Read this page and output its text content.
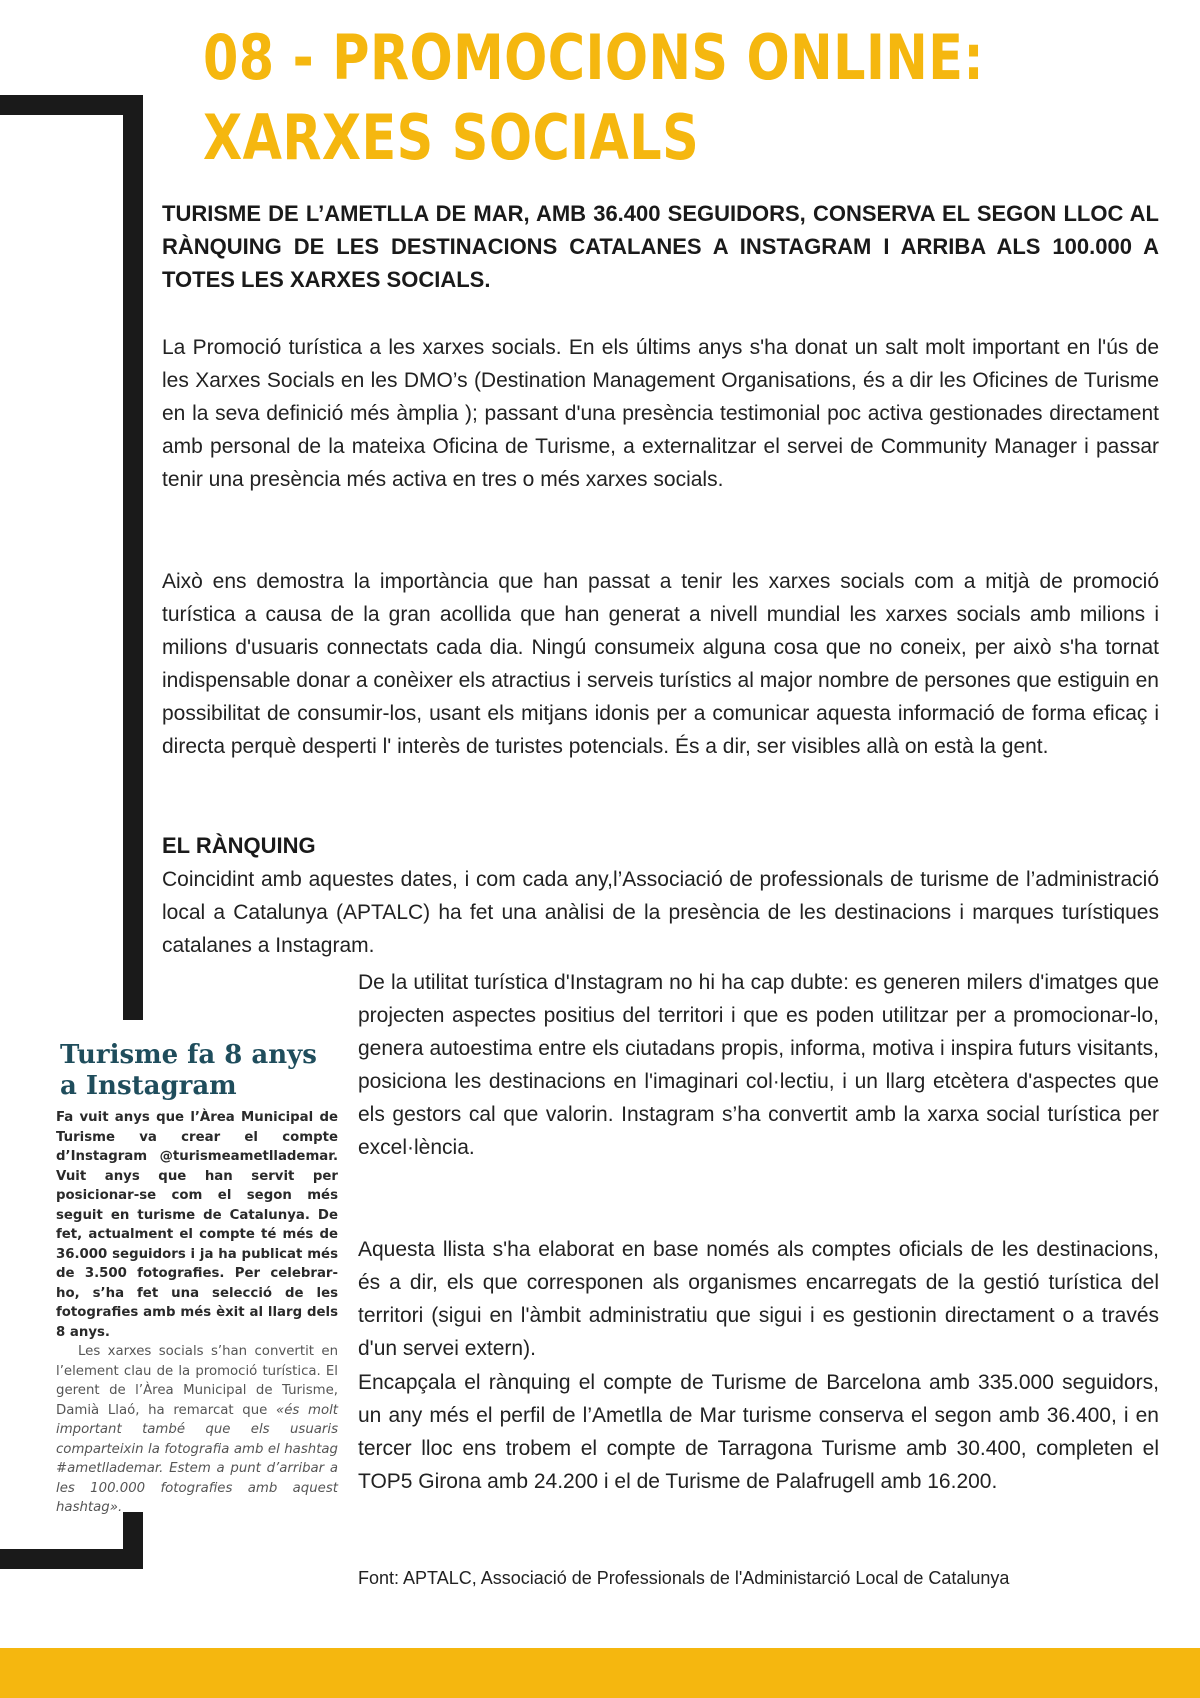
08 - PROMOCIONS ONLINE:
XARXES SOCIALS

TURISME DE L’AMETLLA DE MAR, AMB 36.400 SEGUIDORS, CONSERVA EL SEGON LLOC AL RÀNQUING DE LES DESTINACIONS CATALANES A INSTAGRAM I ARRIBA ALS 100.000 A TOTES LES XARXES SOCIALS.

La Promoció turística a les xarxes socials. En els últims anys s'ha donat un salt molt important en l'ús de les Xarxes Socials en les DMO’s (Destination Management Organisations, és a dir les Oficines de Turisme en la seva definició més àmplia ); passant d'una presència testimonial poc activa gestionades directament amb personal de la mateixa Oficina de Turisme, a externalitzar el servei de Community Manager i passar tenir una presència més activa en tres o més xarxes socials.

Això ens demostra la importància que han passat a tenir les xarxes socials com a mitjà de promoció turística a causa de la gran acollida que han generat a nivell mundial les xarxes socials amb milions i milions d'usuaris connectats cada dia. Ningú consumeix alguna cosa que no coneix, per això s'ha tornat indispensable donar a conèixer els atractius i serveis turístics al major nombre de persones que estiguin en possibilitat de consumir-los, usant els mitjans idonis per a comunicar aquesta informació de forma eficaç i directa perquè desperti l' interès de turistes potencials. És a dir, ser visibles allà on està la gent.

EL RÀNQUING

Coincidint amb aquestes dates, i com cada any,l’Associació de professionals de turisme de l’administració local a Catalunya (APTALC) ha fet una anàlisi de la presència de les destinacions i marques turístiques catalanes a Instagram.

De la utilitat turística d'Instagram no hi ha cap dubte: es generen milers d'imatges que projecten aspectes positius del territori i que es poden utilitzar per a promocionar-lo, genera autoestima entre els ciutadans propis, informa, motiva i inspira futurs visitants, posiciona les destinacions en l'imaginari col·lectiu, i un llarg etcètera d'aspectes que els gestors cal que valorin. Instagram s’ha convertit amb la xarxa social turística per excel·lència.

Aquesta llista s'ha elaborat en base només als comptes oficials de les destinacions, és a dir, els que corresponen als organismes encarregats de la gestió turística del territori (sigui en l'àmbit administratiu que sigui i es gestionin directament o a través d'un servei extern).

Encapçala el rànquing el compte de Turisme de Barcelona amb 335.000 seguidors, un any més el perfil de l’Ametlla de Mar turisme conserva el segon amb 36.400, i en tercer lloc ens trobem el compte de Tarragona Turisme amb 30.400, completen el TOP5 Girona amb 24.200 i el de Turisme de Palafrugell amb 16.200.

Turisme fa 8 anys a Instagram

Fa vuit anys que l’Àrea Municipal de Turisme va crear el compte d’Instagram @turismeametllademar. Vuit anys que han servit per posicionar-se com el segon més seguit en turisme de Catalunya. De fet, actualment el compte té més de 36.000 seguidors i ja ha publicat més de 3.500 fotografies. Per celebrar-ho, s’ha fet una selecció de les fotografies amb més èxit al llarg dels 8 anys.

Les xarxes socials s’han convertit en l’element clau de la promoció turística. El gerent de l’Àrea Municipal de Turisme, Damià Llaó, ha remarcat que «és molt important també que els usuaris comparteixin la fotografia amb el hashtag #ametllademar. Estem a punt d’arribar a les 100.000 fotografies amb aquest hashtag».

Font: APTALC, Associació de Professionals de l'Administarció Local de Catalunya
